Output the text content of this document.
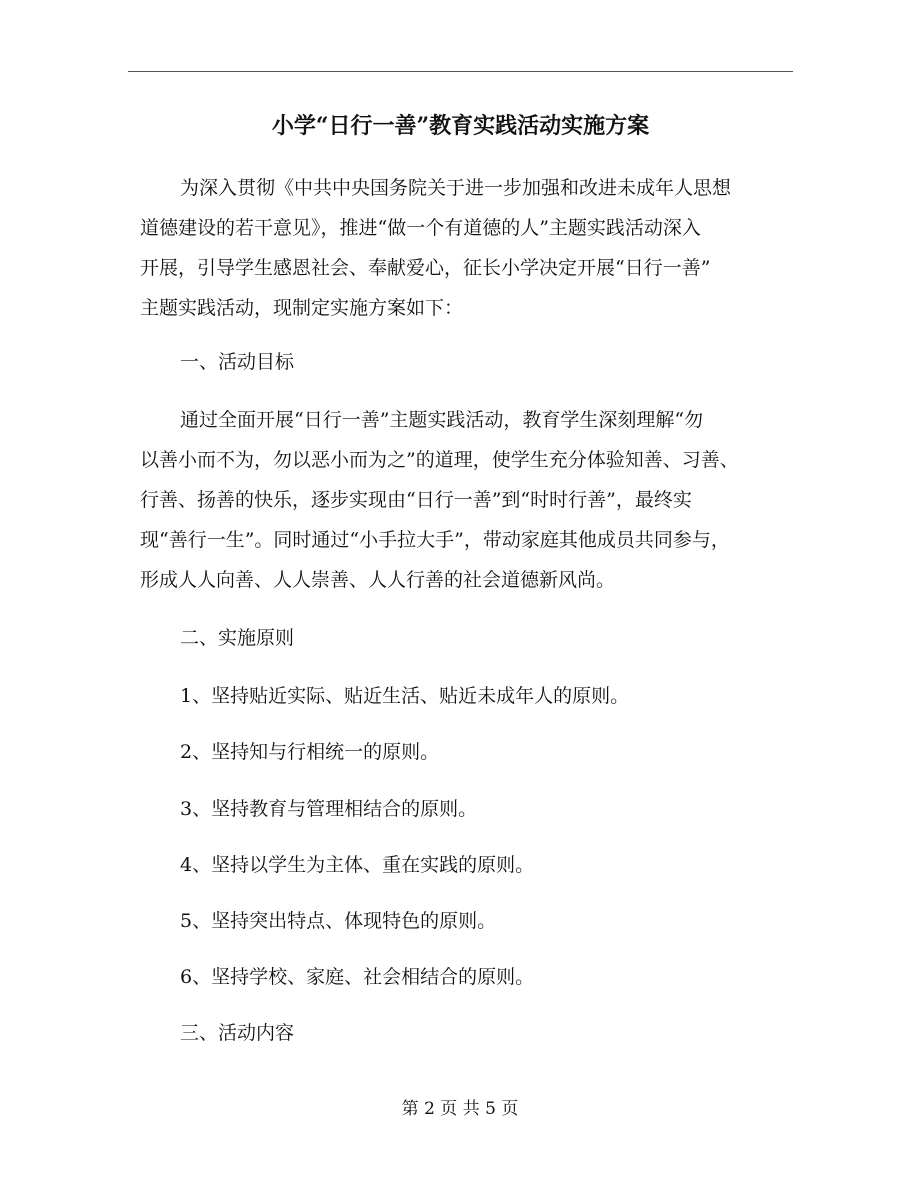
小学“日行一善”教育实践活动实施方案
为深入贯彻《中共中央国务院关于进一步加强和改进未成年人思想
道德建设的若干意见》，推进“做一个有道德的人”主题实践活动深入
开展，引导学生感恩社会、奉献爱心，征长小学决定开展“日行一善”
主题实践活动，现制定实施方案如下：
一、活动目标
通过全面开展“日行一善”主题实践活动，教育学生深刻理解“勿
以善小而不为，勿以恶小而为之”的道理，使学生充分体验知善、习善、
行善、扬善的快乐，逐步实现由“日行一善”到“时时行善”，最终实
现“善行一生”。同时通过“小手拉大手”，带动家庭其他成员共同参与，
形成人人向善、人人崇善、人人行善的社会道德新风尚。
二、实施原则
1、坚持贴近实际、贴近生活、贴近未成年人的原则。
2、坚持知与行相统一的原则。
3、坚持教育与管理相结合的原则。
4、坚持以学生为主体、重在实践的原则。
5、坚持突出特点、体现特色的原则。
6、坚持学校、家庭、社会相结合的原则。
三、活动内容
第 2 页 共 5 页
